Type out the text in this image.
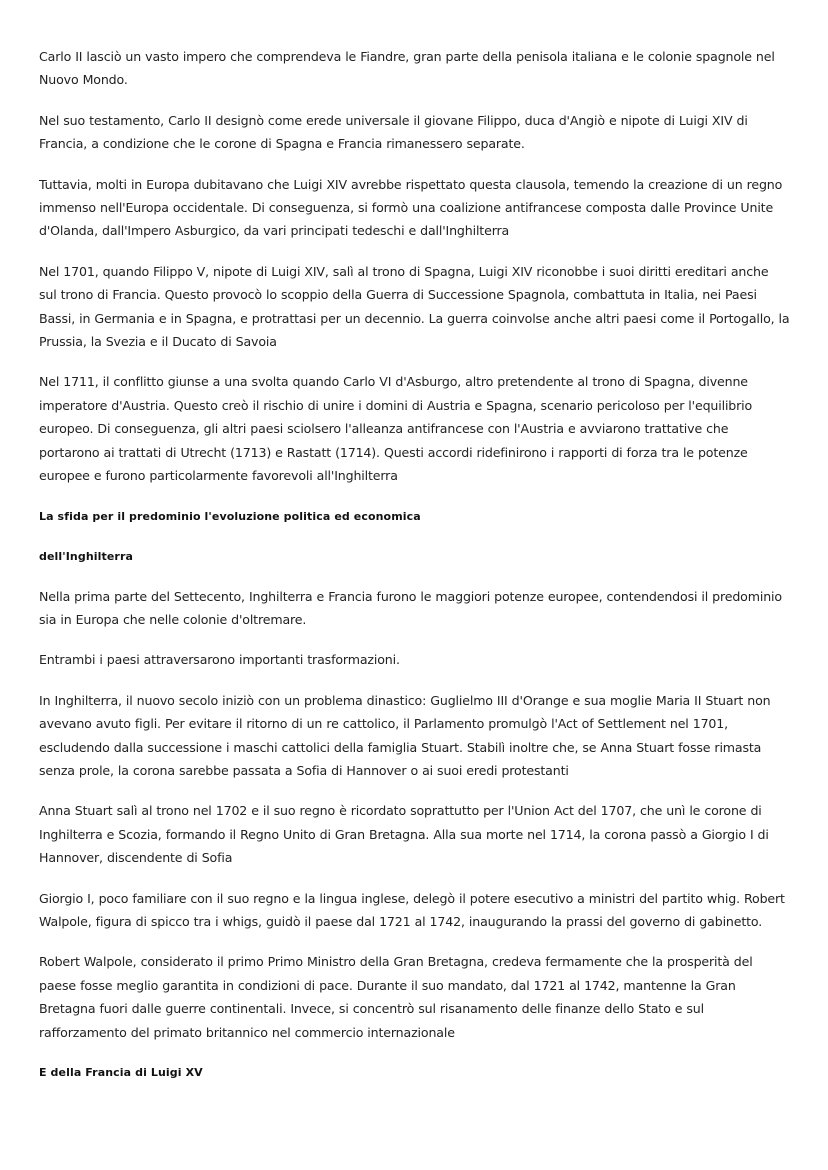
Carlo II lasciò un vasto impero che comprendeva le Fiandre, gran parte della penisola italiana e le colonie spagnole nel Nuovo Mondo.

Nel suo testamento, Carlo II designò come erede universale il giovane Filippo, duca d'Angiò e nipote di Luigi XIV di Francia, a condizione che le corone di Spagna e Francia rimanessero separate.

Tuttavia, molti in Europa dubitavano che Luigi XIV avrebbe rispettato questa clausola, temendo la creazione di un regno immenso nell'Europa occidentale. Di conseguenza, si formò una coalizione antifrancese composta dalle Province Unite d'Olanda, dall'Impero Asburgico, da vari principati tedeschi e dall'Inghilterra

Nel 1701, quando Filippo V, nipote di Luigi XIV, salì al trono di Spagna, Luigi XIV riconobbe i suoi diritti ereditari anche sul trono di Francia. Questo provocò lo scoppio della Guerra di Successione Spagnola, combattuta in Italia, nei Paesi Bassi, in Germania e in Spagna, e protrattasi per un decennio. La guerra coinvolse anche altri paesi come il Portogallo, la Prussia, la Svezia e il Ducato di Savoia

Nel 1711, il conflitto giunse a una svolta quando Carlo VI d'Asburgo, altro pretendente al trono di Spagna, divenne imperatore d'Austria. Questo creò il rischio di unire i domini di Austria e Spagna, scenario pericoloso per l'equilibrio europeo. Di conseguenza, gli altri paesi sciolsero l'alleanza antifrancese con l'Austria e avviarono trattative che portarono ai trattati di Utrecht (1713) e Rastatt (1714). Questi accordi ridefinirono i rapporti di forza tra le potenze europee e furono particolarmente favorevoli all'Inghilterra

La sfida per il predominio l'evoluzione politica ed economica
dell'Inghilterra

Nella prima parte del Settecento, Inghilterra e Francia furono le maggiori potenze europee, contendendosi il predominio sia in Europa che nelle colonie d'oltremare.

Entrambi i paesi attraversarono importanti trasformazioni.

In Inghilterra, il nuovo secolo iniziò con un problema dinastico: Guglielmo III d'Orange e sua moglie Maria II Stuart non avevano avuto figli. Per evitare il ritorno di un re cattolico, il Parlamento promulgò l'Act of Settlement nel 1701, escludendo dalla successione i maschi cattolici della famiglia Stuart. Stabilì inoltre che, se Anna Stuart fosse rimasta senza prole, la corona sarebbe passata a Sofia di Hannover o ai suoi eredi protestanti

Anna Stuart salì al trono nel 1702 e il suo regno è ricordato soprattutto per l'Union Act del 1707, che unì le corone di Inghilterra e Scozia, formando il Regno Unito di Gran Bretagna. Alla sua morte nel 1714, la corona passò a Giorgio I di Hannover, discendente di Sofia

Giorgio I, poco familiare con il suo regno e la lingua inglese, delegò il potere esecutivo a ministri del partito whig. Robert Walpole, figura di spicco tra i whigs, guidò il paese dal 1721 al 1742, inaugurando la prassi del governo di gabinetto.

Robert Walpole, considerato il primo Primo Ministro della Gran Bretagna, credeva fermamente che la prosperità del paese fosse meglio garantita in condizioni di pace. Durante il suo mandato, dal 1721 al 1742, mantenne la Gran Bretagna fuori dalle guerre continentali. Invece, si concentrò sul risanamento delle finanze dello Stato e sul rafforzamento del primato britannico nel commercio internazionale

E della Francia di Luigi XV
